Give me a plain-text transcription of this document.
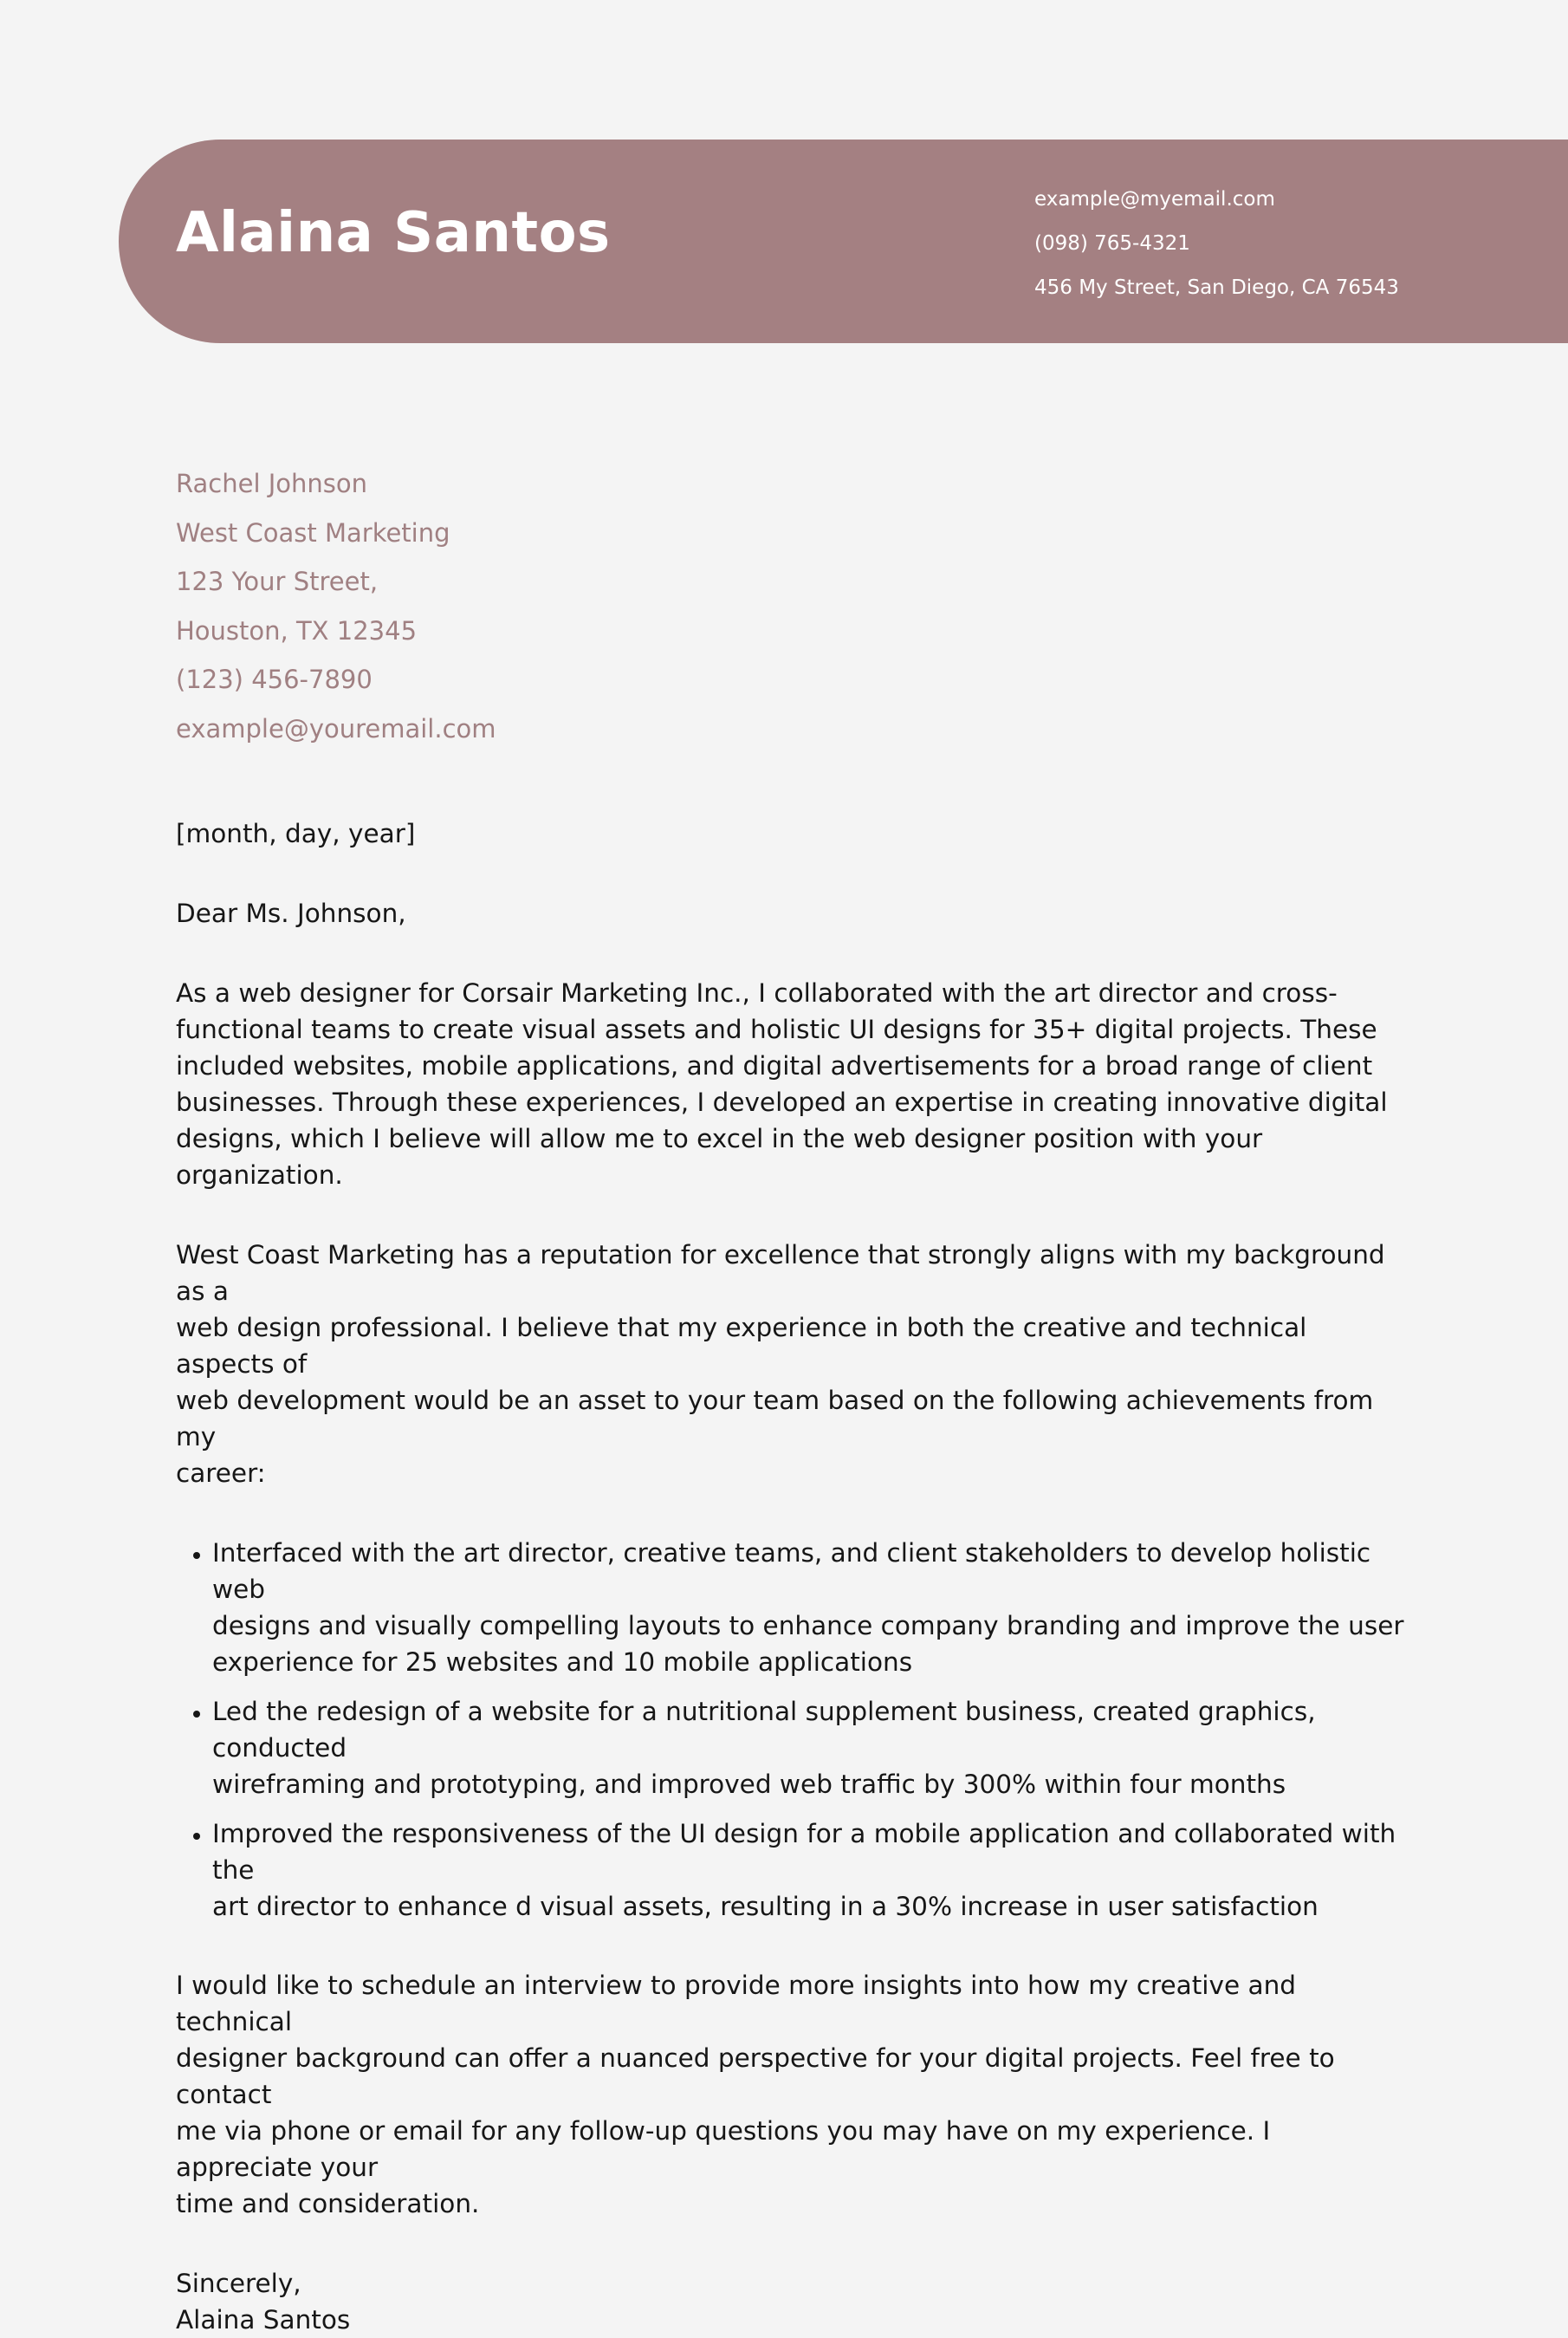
Alaina Santos
example@myemail.com
(098) 765-4321
456 My Street, San Diego, CA 76543
Rachel Johnson
West Coast Marketing
123 Your Street,
Houston, TX 12345
(123) 456-7890
example@youremail.com

[month, day, year]

Dear Ms. Johnson,

As a web designer for Corsair Marketing Inc., I collaborated with the art director and cross-
functional teams to create visual assets and holistic UI designs for 35+ digital projects. These
included websites, mobile applications, and digital advertisements for a broad range of client
businesses. Through these experiences, I developed an expertise in creating innovative digital
designs, which I believe will allow me to excel in the web designer position with your organization.

West Coast Marketing has a reputation for excellence that strongly aligns with my background as a
web design professional. I believe that my experience in both the creative and technical aspects of
web development would be an asset to your team based on the following achievements from my
career:

• Interfaced with the art director, creative teams, and client stakeholders to develop holistic web
designs and visually compelling layouts to enhance company branding and improve the user
experience for 25 websites and 10 mobile applications
• Led the redesign of a website for a nutritional supplement business, created graphics, conducted
wireframing and prototyping, and improved web traffic by 300% within four months
• Improved the responsiveness of the UI design for a mobile application and collaborated with the
art director to enhance d visual assets, resulting in a 30% increase in user satisfaction

I would like to schedule an interview to provide more insights into how my creative and technical
designer background can offer a nuanced perspective for your digital projects. Feel free to contact
me via phone or email for any follow-up questions you may have on my experience. I appreciate your
time and consideration.

Sincerely,

Alaina Santos
